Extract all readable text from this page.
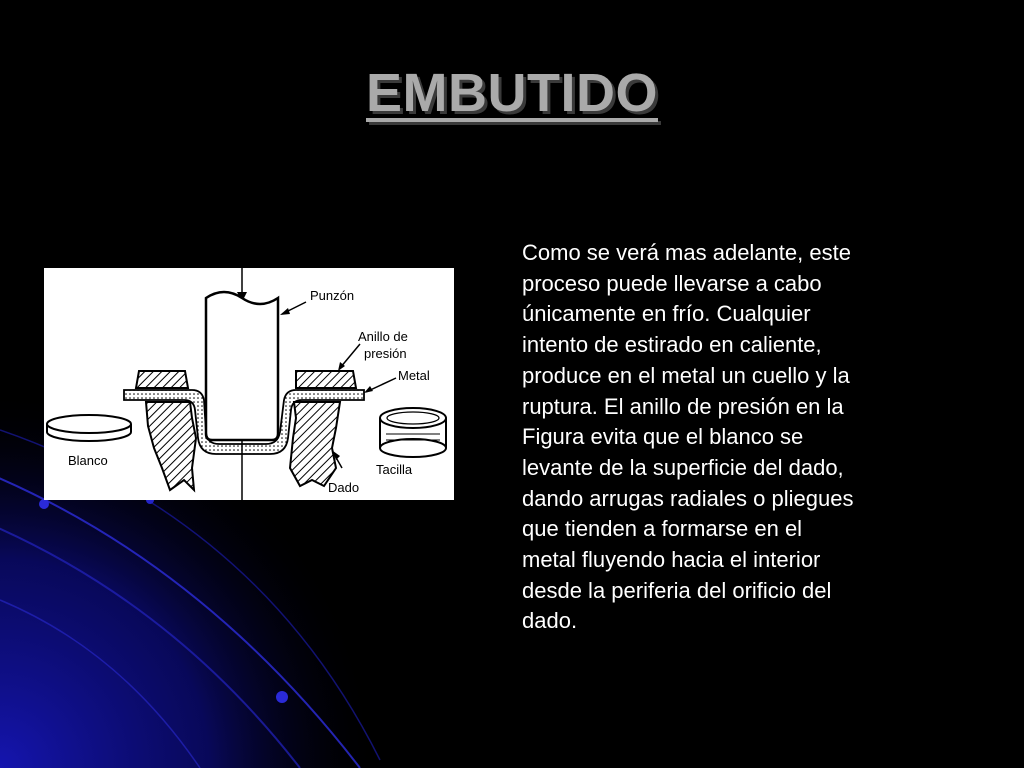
EMBUTIDO
Punzón
Anillo de
presión
Metal
Blanco
Tacilla
Dado
Como se verá mas adelante, este
proceso puede llevarse a cabo
únicamente en frío. Cualquier
intento de estirado en caliente,
produce en el metal un cuello y la
ruptura. El anillo de presión en la
Figura evita que el blanco se
levante de la superficie del dado,
dando arrugas radiales o pliegues
que tienden a formarse en el
metal fluyendo hacia el interior
desde la periferia del orificio del
dado.
